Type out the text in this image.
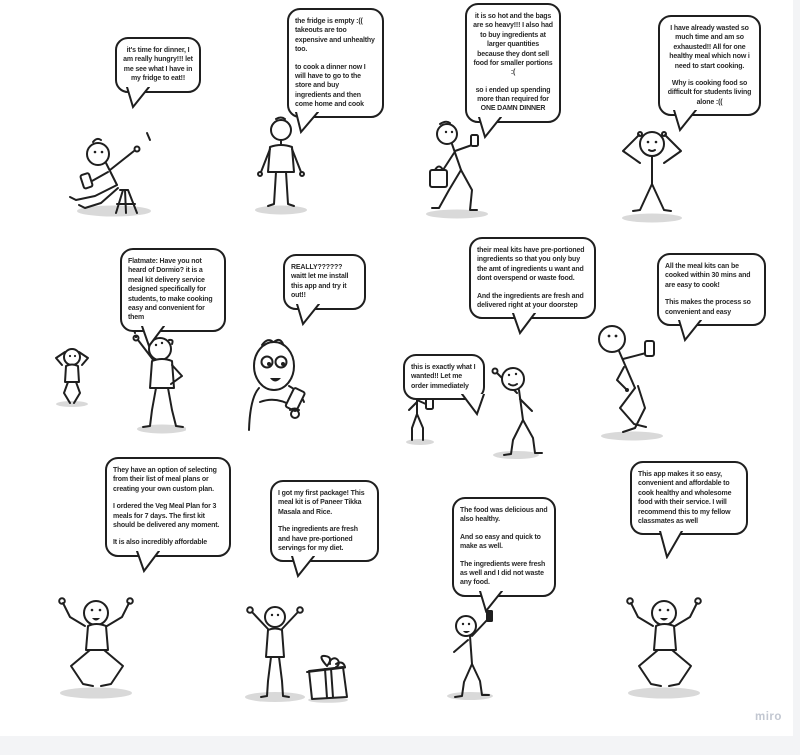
it's time for dinner, I am really hungry!!! let me see what I have in my fridge to eat!!

the fridge is empty :(( takeouts are too expensive and unhealthy too.

to cook a dinner now I will have to go to the store and buy ingredients and then come home and cook

it is so hot and the bags are so heavy!!! I also had to buy ingredients at larger quantities because they dont sell food for smaller portions :(

so i ended up spending more than required for ONE DAMN DINNER

I have already wasted so much time and am so exhausted!! All for one healthy meal which now i need to start cooking.

Why is cooking food so difficult for students living alone :((

Flatmate: Have you not heard of Dormio? it is a meal kit delivery service designed specifically for students, to make cooking easy and convenient for them

REALLY?????? waitt let me install this app and try it out!!

their meal kits have pre-portioned ingredients so that you only buy the amt of ingredients u want and dont overspend or waste food.

And the ingredients are fresh and delivered right at your doorstep

this is exactly what I wanted!! Let me order immediately

All the meal kits can be cooked within 30 mins and are easy to cook!

This makes the process so convenient and easy

They have an option of selecting from their list of meal plans or creating your own custom plan.

I ordered the Veg Meal Plan for 3 meals for 7 days. The first kit should be delivered any moment.

It is also incredibly affordable

I got my first package! This meal kit is of Paneer Tikka Masala and Rice.

The ingredients are fresh and have pre-portioned servings for my diet.

The food was delicious and also healthy.

And so easy and quick to make as well.

The ingredients were fresh as well and I did not waste any food.

This app makes it so easy, convenient and affordable to cook healthy and wholesome food with their service. I will recommend this to my fellow classmates as well

miro
